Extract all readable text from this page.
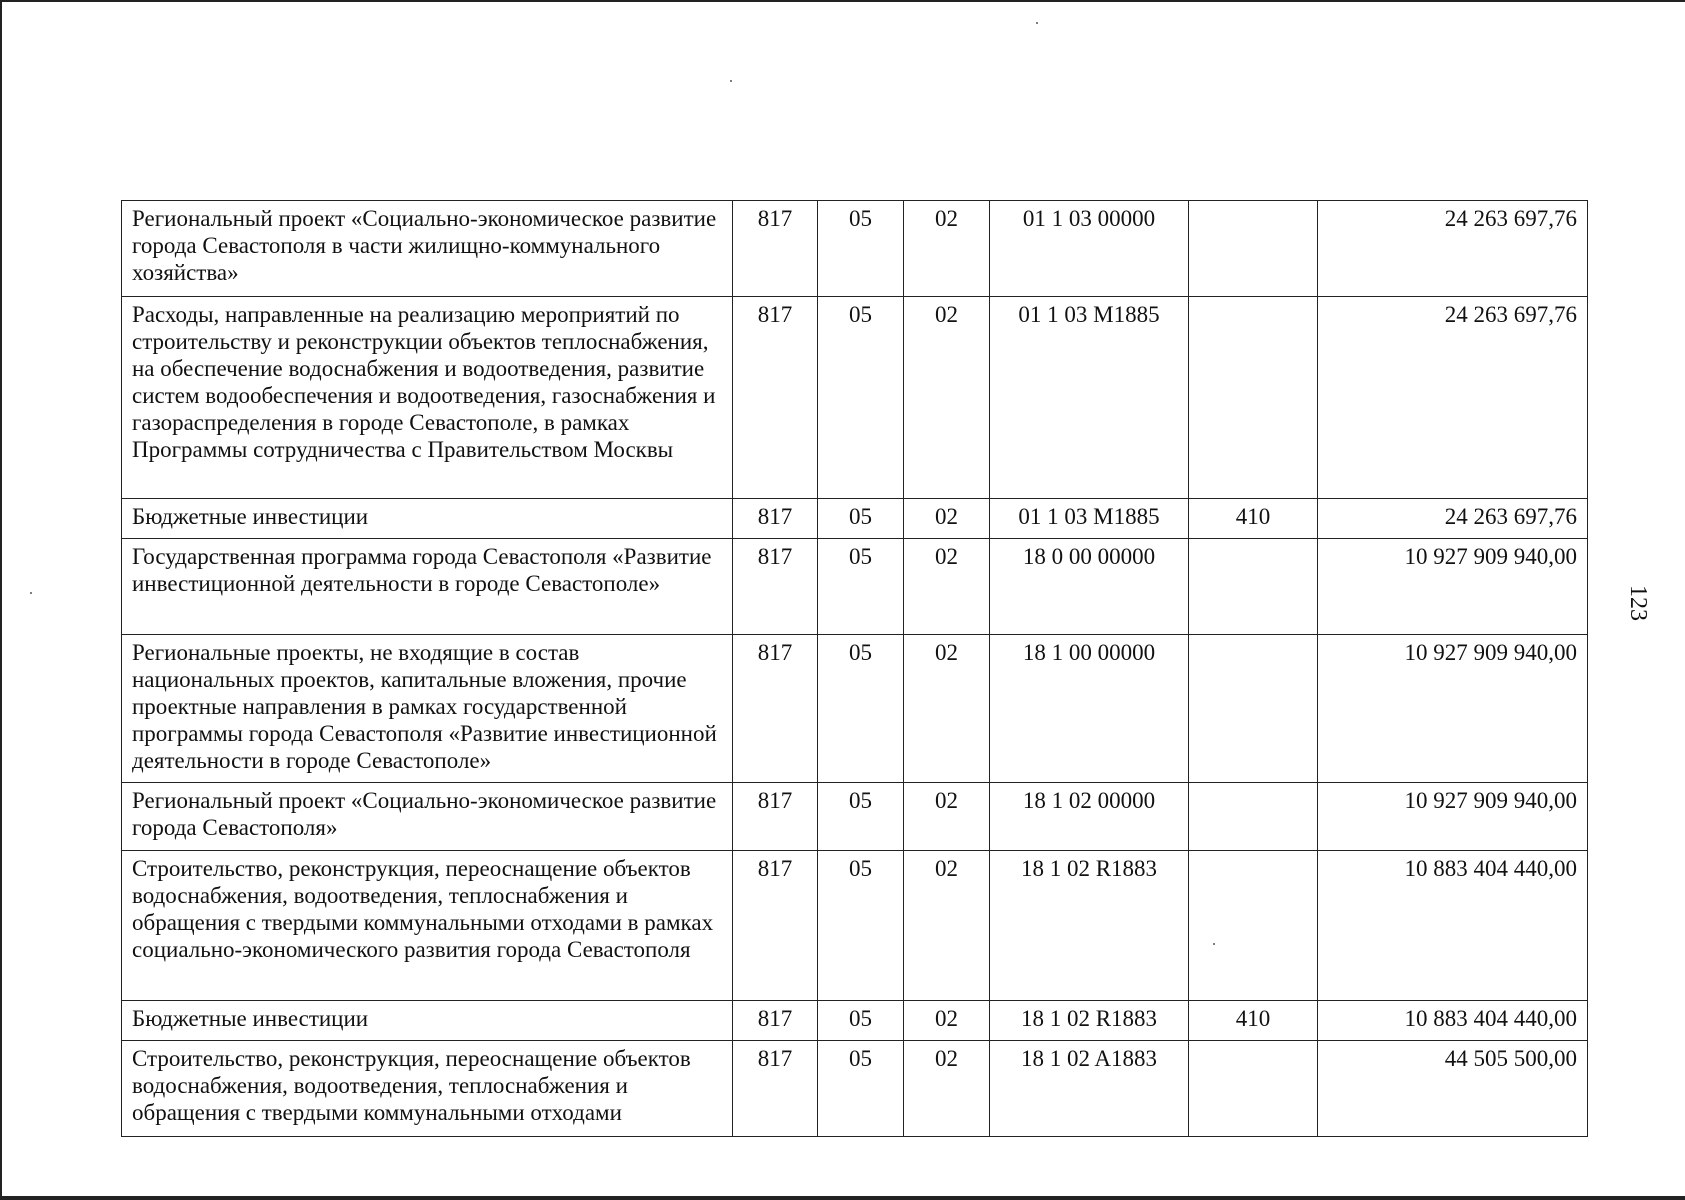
123
Региональный проект «Социально-экономическое развитие города Севастополя в части жилищно-коммунального хозяйства»	817	05	02	01 1 03 00000		24 263 697,76
Расходы, направленные на реализацию мероприятий по строительству и реконструкции объектов теплоснабжения, на обеспечение водоснабжения и водоотведения, развитие систем водообеспечения и водоотведения, газоснабжения и газораспределения в городе Севастополе, в рамках Программы сотрудничества с Правительством Москвы	817	05	02	01 1 03 M1885		24 263 697,76
Бюджетные инвестиции	817	05	02	01 1 03 M1885	410	24 263 697,76
Государственная программа города Севастополя «Развитие инвестиционной деятельности в городе Севастополе»	817	05	02	18 0 00 00000		10 927 909 940,00
Региональные проекты, не входящие в состав национальных проектов, капитальные вложения, прочие проектные направления в рамках государственной программы города Севастополя «Развитие инвестиционной деятельности в городе Севастополе»	817	05	02	18 1 00 00000		10 927 909 940,00
Региональный проект «Социально-экономическое развитие города Севастополя»	817	05	02	18 1 02 00000		10 927 909 940,00
Строительство, реконструкция, переоснащение объектов водоснабжения, водоотведения, теплоснабжения и обращения с твердыми коммунальными отходами в рамках социально-экономического развития города Севастополя	817	05	02	18 1 02 R1883		10 883 404 440,00
Бюджетные инвестиции	817	05	02	18 1 02 R1883	410	10 883 404 440,00
Строительство, реконструкция, переоснащение объектов водоснабжения, водоотведения, теплоснабжения и обращения с твердыми коммунальными отходами	817	05	02	18 1 02 A1883		44 505 500,00
